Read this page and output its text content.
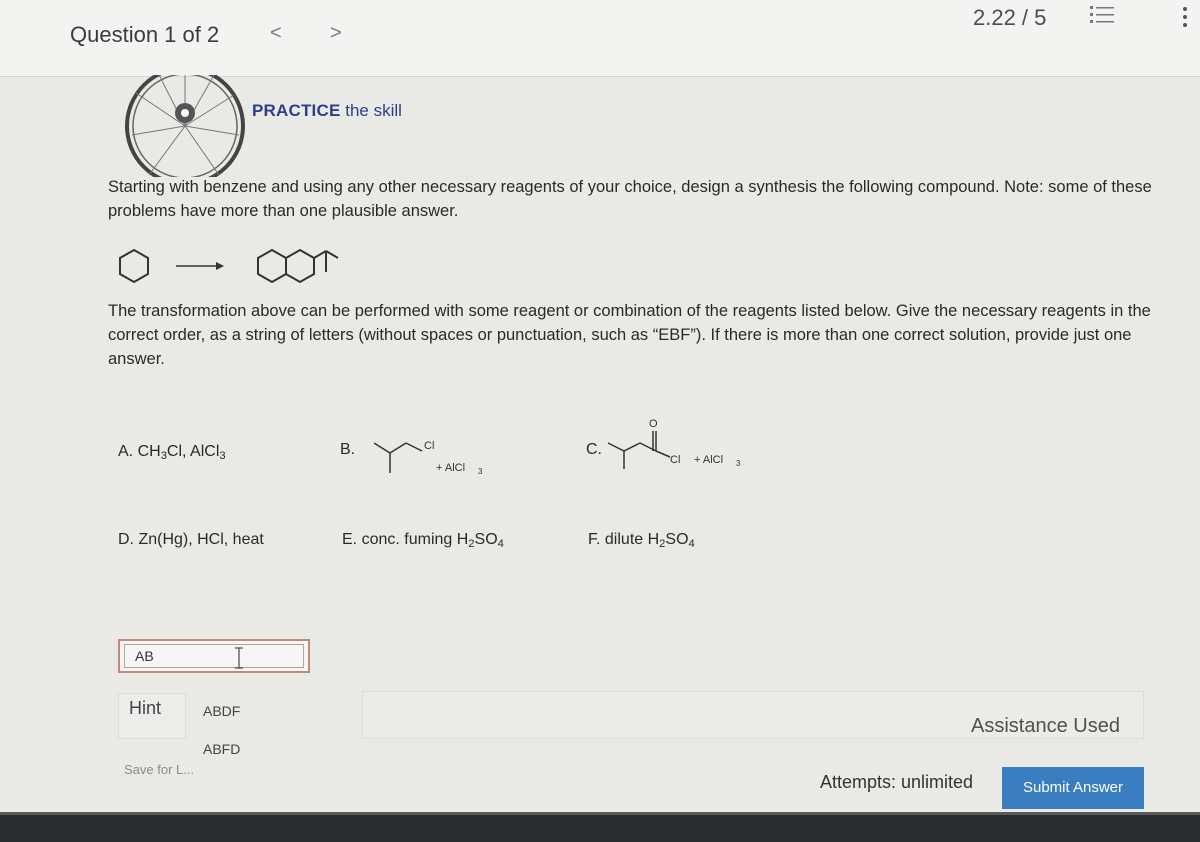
Question 1 of 2	< >
2.22 / 5
PRACTICE the skill
Starting with benzene and using any other necessary reagents of your choice, design a synthesis the following compound. Note: some of these problems have more than one plausible answer.
The transformation above can be performed with some reagent or combination of the reagents listed below. Give the necessary reagents in the correct order, as a string of letters (without spaces or punctuation, such as “EBF”). If there is more than one correct solution, provide just one answer.
A. $CH_3Cl$, AlCl$_3$	B.	Cl
+ AlCl 3
C.
O
Cl + AlCl 3
D. Zn(Hg), HCl, heat	E. conc. fuming $H_2SO_4$	F. dilute $H_2SO_4$
AB
Hint	ABDF
ABFD
Save for L...
Assistance Used
Attempts: unlimited	Submit Answer
